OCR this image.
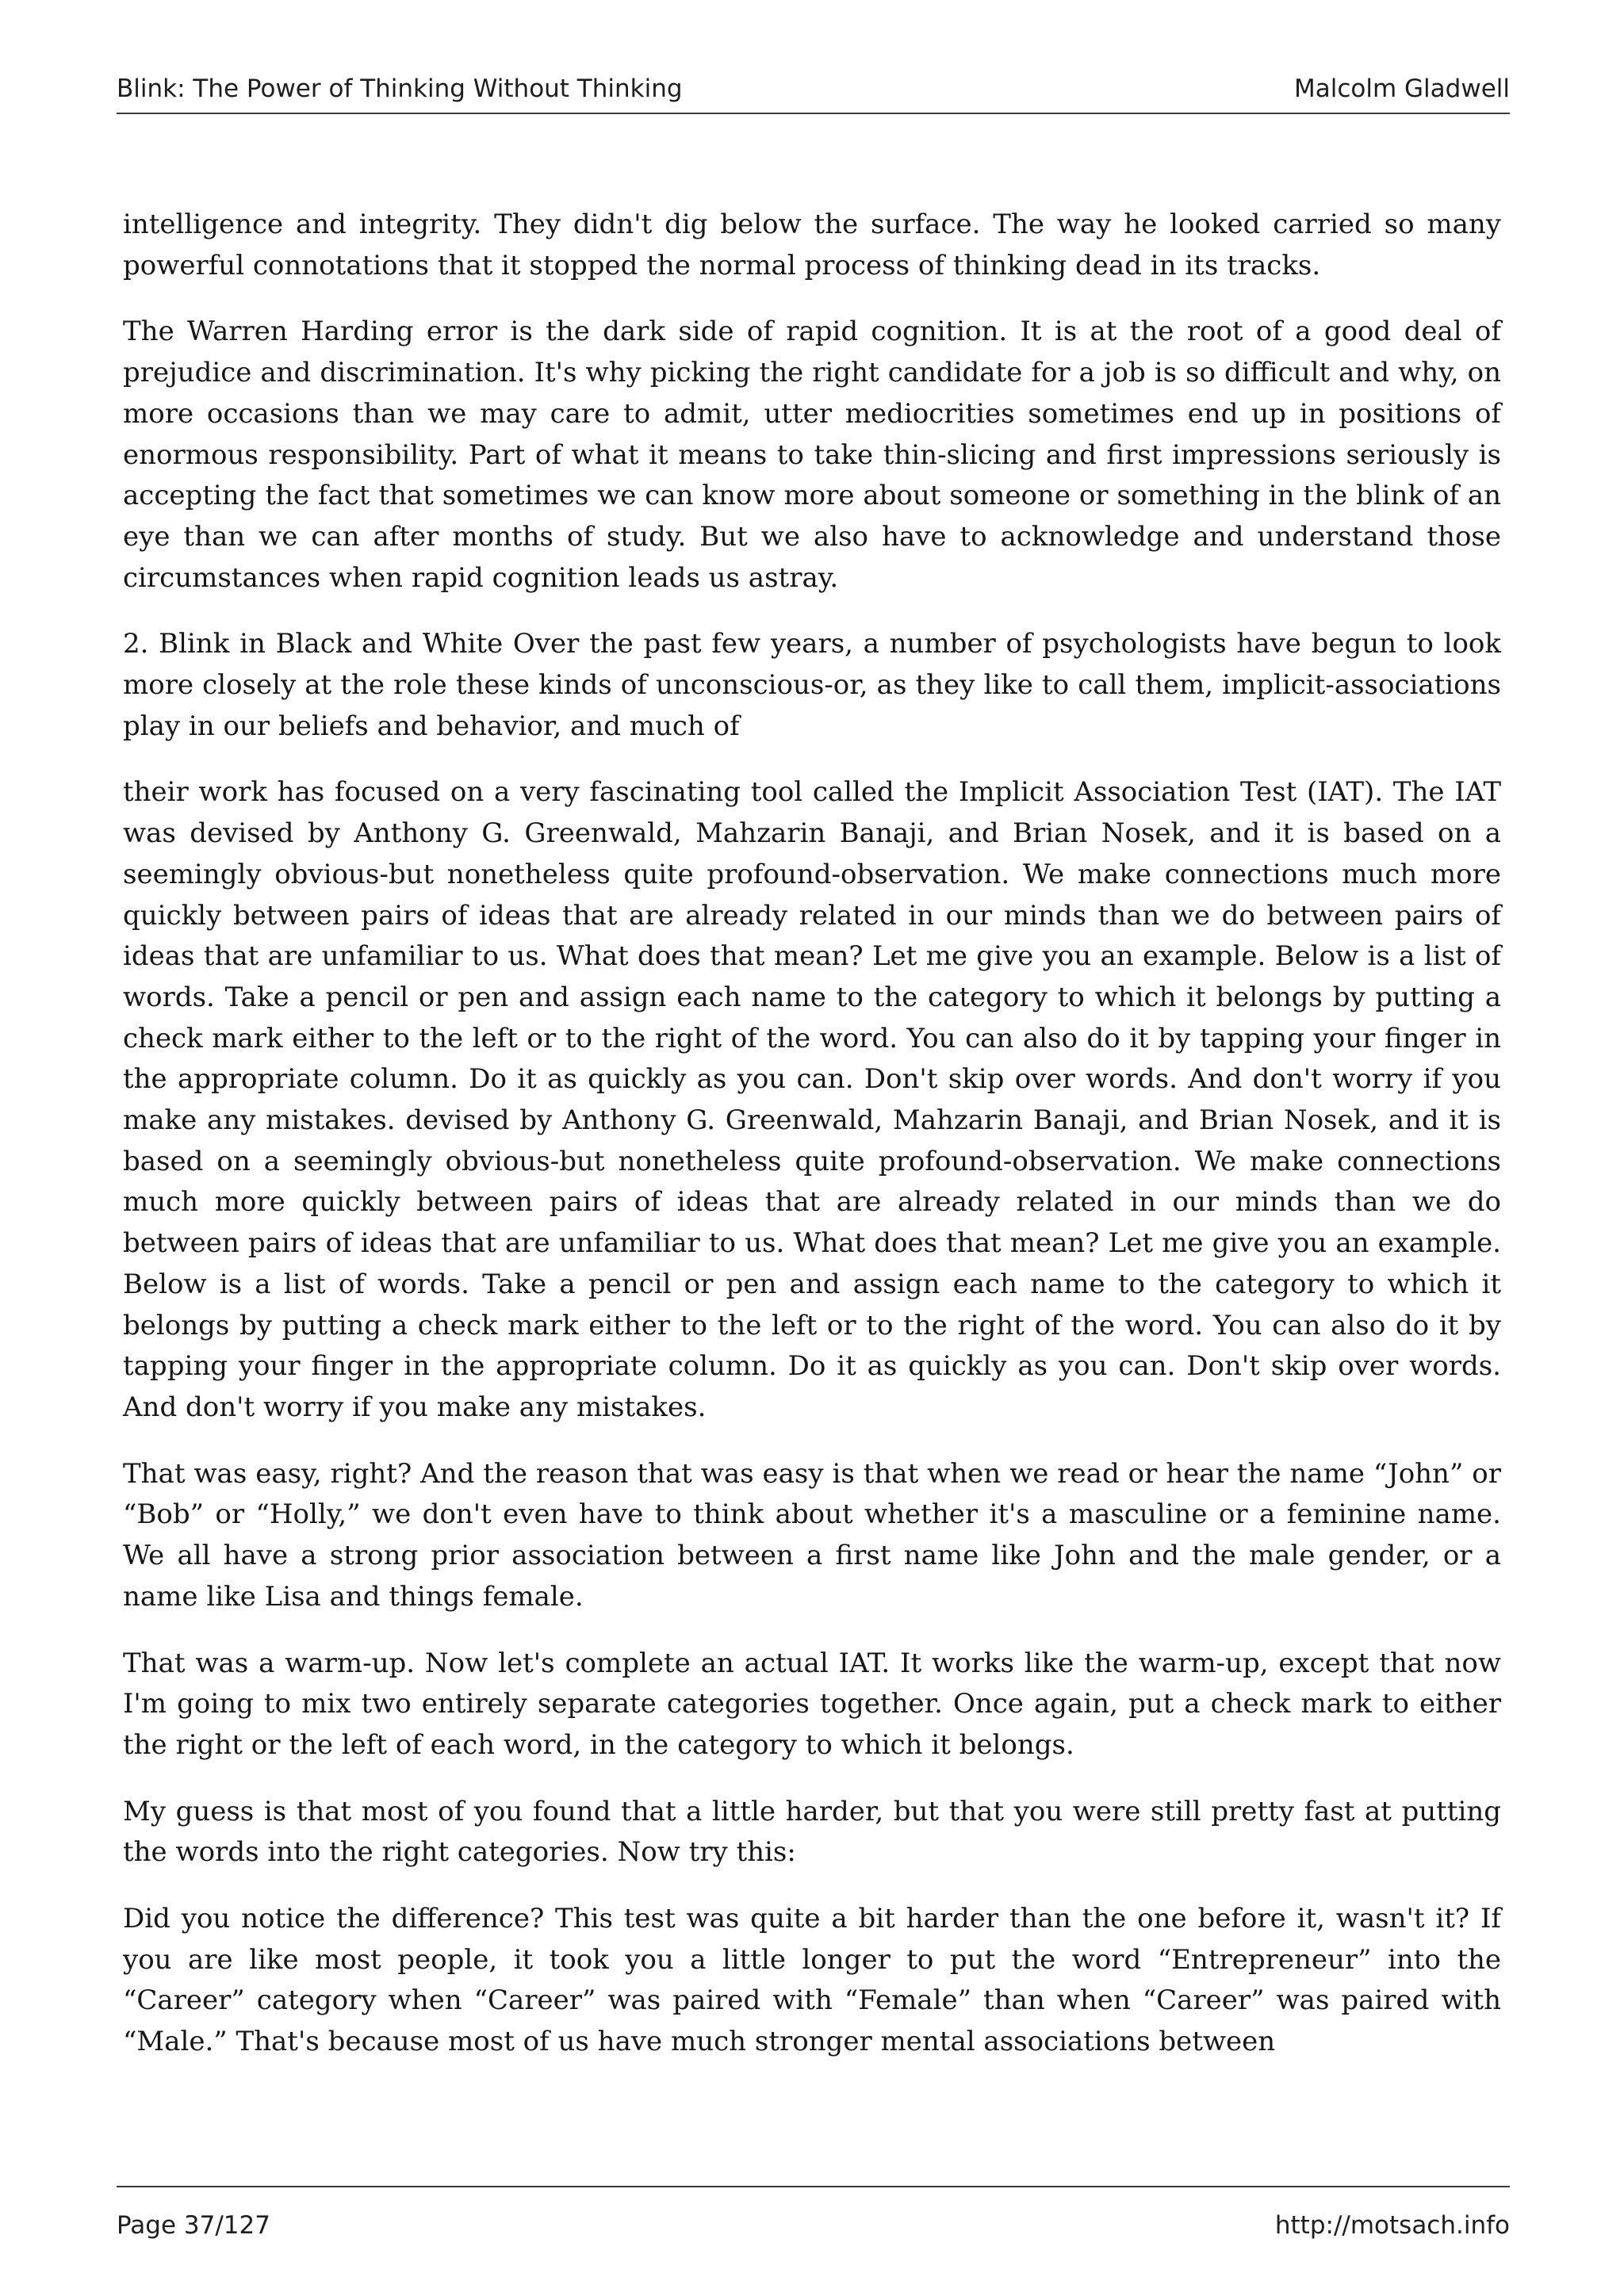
Blink: The Power of Thinking Without Thinking	Malcolm Gladwell

intelligence and integrity. They didn't dig below the surface. The way he looked carried so many powerful connotations that it stopped the normal process of thinking dead in its tracks.

The Warren Harding error is the dark side of rapid cognition. It is at the root of a good deal of prejudice and discrimination. It's why picking the right candidate for a job is so difficult and why, on more occasions than we may care to admit, utter mediocrities sometimes end up in positions of enormous responsibility. Part of what it means to take thin-slicing and first impressions seriously is accepting the fact that sometimes we can know more about someone or something in the blink of an eye than we can after months of study. But we also have to acknowledge and understand those circumstances when rapid cognition leads us astray.

2. Blink in Black and White Over the past few years, a number of psychologists have begun to look more closely at the role these kinds of unconscious-or, as they like to call them, implicit-associations play in our beliefs and behavior, and much of

their work has focused on a very fascinating tool called the Implicit Association Test (IAT). The IAT was devised by Anthony G. Greenwald, Mahzarin Banaji, and Brian Nosek, and it is based on a seemingly obvious-but nonetheless quite profound-observation. We make connections much more quickly between pairs of ideas that are already related in our minds than we do between pairs of ideas that are unfamiliar to us. What does that mean? Let me give you an example. Below is a list of words. Take a pencil or pen and assign each name to the category to which it belongs by putting a check mark either to the left or to the right of the word. You can also do it by tapping your finger in the appropriate column. Do it as quickly as you can. Don't skip over words. And don't worry if you make any mistakes. devised by Anthony G. Greenwald, Mahzarin Banaji, and Brian Nosek, and it is based on a seemingly obvious-but nonetheless quite profound-observation. We make connections much more quickly between pairs of ideas that are already related in our minds than we do between pairs of ideas that are unfamiliar to us. What does that mean? Let me give you an example. Below is a list of words. Take a pencil or pen and assign each name to the category to which it belongs by putting a check mark either to the left or to the right of the word. You can also do it by tapping your finger in the appropriate column. Do it as quickly as you can. Don't skip over words. And don't worry if you make any mistakes.

That was easy, right? And the reason that was easy is that when we read or hear the name “John” or “Bob” or “Holly,” we don't even have to think about whether it's a masculine or a feminine name. We all have a strong prior association between a first name like John and the male gender, or a name like Lisa and things female.

That was a warm-up. Now let's complete an actual IAT. It works like the warm-up, except that now I'm going to mix two entirely separate categories together. Once again, put a check mark to either the right or the left of each word, in the category to which it belongs.

My guess is that most of you found that a little harder, but that you were still pretty fast at putting the words into the right categories. Now try this:

Did you notice the difference? This test was quite a bit harder than the one before it, wasn't it? If you are like most people, it took you a little longer to put the word “Entrepreneur” into the “Career” category when “Career” was paired with “Female” than when “Career” was paired with “Male.” That's because most of us have much stronger mental associations between

Page 37/127	http://motsach.info
